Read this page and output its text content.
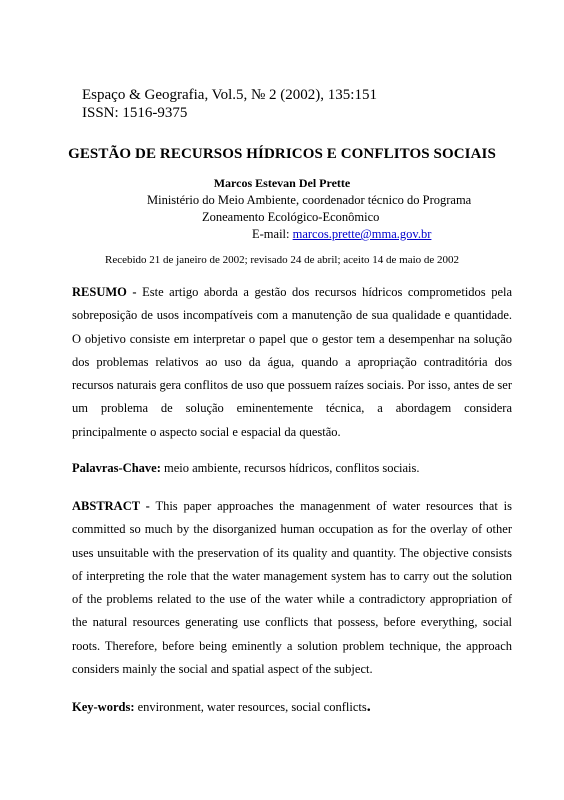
Espaço & Geografia, Vol.5, № 2 (2002), 135:151
ISSN: 1516-9375
GESTÃO DE RECURSOS HÍDRICOS E CONFLITOS SOCIAIS
Marcos Estevan Del Prette
Ministério do Meio Ambiente, coordenador técnico do Programa
Zoneamento Ecológico-Econômico
E-mail: marcos.prette@mma.gov.br
Recebido 21 de janeiro de 2002; revisado 24 de abril; aceito 14 de maio de 2002
RESUMO - Este artigo aborda a gestão dos recursos hídricos comprometidos pela sobreposição de usos incompatíveis com a manutenção de sua qualidade e quantidade. O objetivo consiste em interpretar o papel que o gestor tem a desempenhar na solução dos problemas relativos ao uso da água, quando a apropriação contraditória dos recursos naturais gera conflitos de uso que possuem raízes sociais. Por isso, antes de ser um problema de solução eminentemente técnica, a abordagem considera principalmente o aspecto social e espacial da questão.
Palavras-Chave: meio ambiente, recursos hídricos, conflitos sociais.
ABSTRACT - This paper approaches the managenment of water resources that is committed so much by the disorganized human occupation as for the overlay of other uses unsuitable with the preservation of its quality and quantity. The objective consists of interpreting the role that the water management system has to carry out the solution of the problems related to the use of the water while a contradictory appropriation of the natural resources generating use conflicts that possess, before everything, social roots. Therefore, before being eminently a solution problem technique, the approach considers mainly the social and spatial aspect of the subject.
Key-words: environment, water resources, social conflicts.
